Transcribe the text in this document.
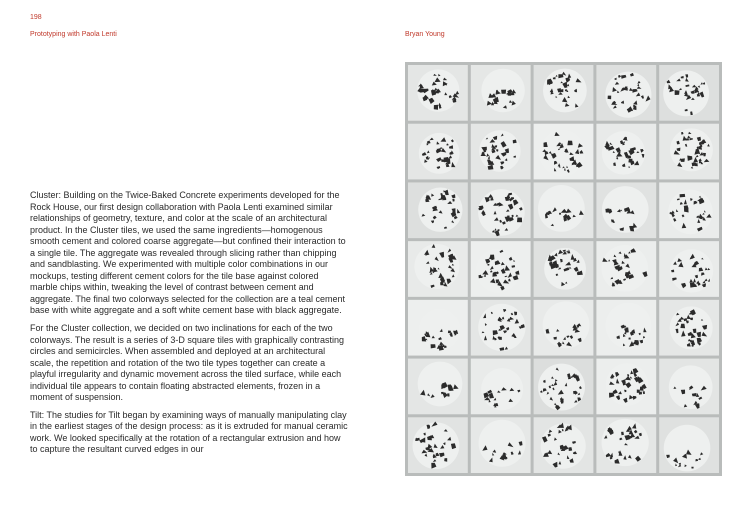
198
Prototyping with Paola Lenti	Bryan Young

Cluster: Building on the Twice-Baked Concrete experiments developed for the Rock House, our first design collaboration with Paola Lenti examined similar relationships of geometry, texture, and color at the scale of an architectural product. In the Cluster tiles, we used the same ingredients—homogenous smooth cement and colored coarse aggregate—but confined their interaction to a single tile. The aggregate was revealed through slicing rather than chipping and sandblasting. We experimented with multiple color combinations in our mockups, testing different cement colors for the tile base against colored marble chips within, tweaking the level of contrast between cement and aggregate. The final two colorways selected for the collection are a teal cement base with white aggregate and a soft white cement base with black aggregate.

For the Cluster collection, we decided on two inclinations for each of the two colorways. The result is a series of 3-D square tiles with graphically contrasting circles and semicircles. When assembled and deployed at an architectural scale, the repetition and rotation of the two tile types together can create a playful irregularity and dynamic movement across the tiled surface, while each individual tile appears to contain floating abstracted elements, frozen in a moment of suspension.

Tilt: The studies for Tilt began by examining ways of manually manipulating clay in the earliest stages of the design process: as it is extruded for manual ceramic work. We looked specifically at the rotation of a rectangular extrusion and how to capture the resultant curved edges in our
